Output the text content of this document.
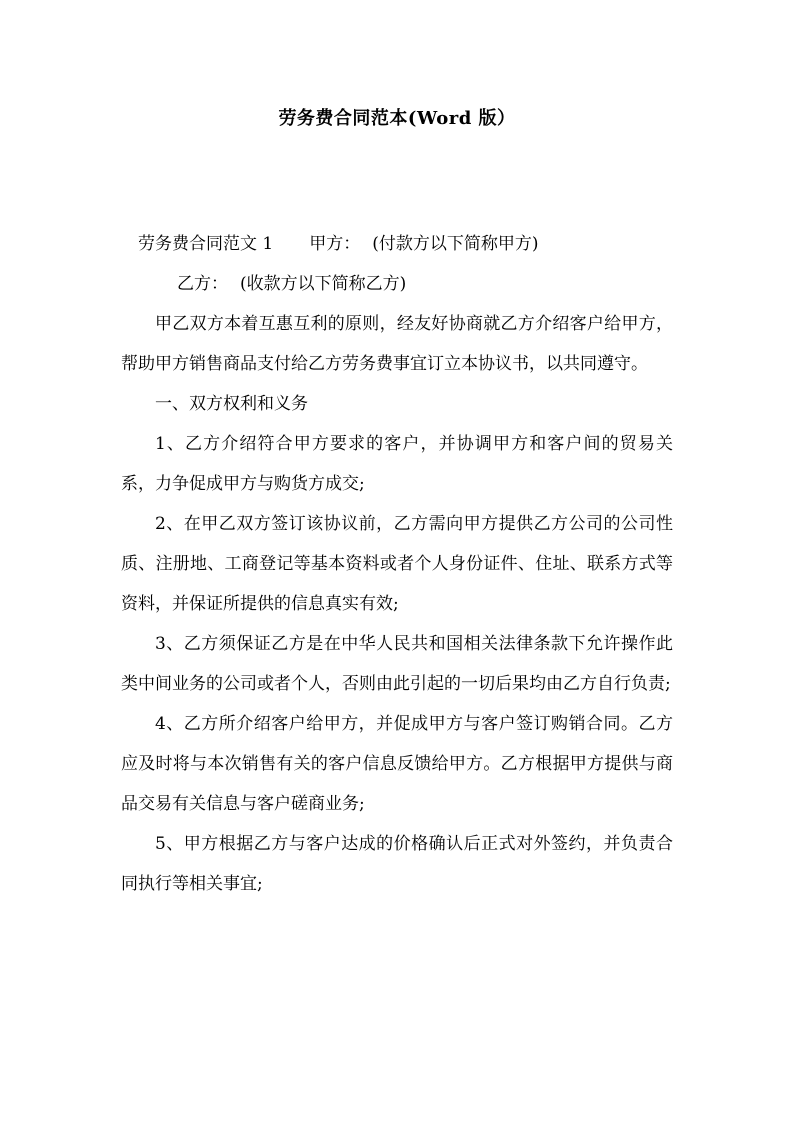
劳务费合同范本(Word 版）
劳务费合同范文 1 甲方： (付款方以下简称甲方)

乙方： (收款方以下简称乙方)

甲乙双方本着互惠互利的原则，经友好协商就乙方介绍客户给甲方，帮助甲方销售商品支付给乙方劳务费事宜订立本协议书，以共同遵守。

一、双方权利和义务

1、乙方介绍符合甲方要求的客户，并协调甲方和客户间的贸易关系，力争促成甲方与购货方成交;

2、在甲乙双方签订该协议前，乙方需向甲方提供乙方公司的公司性质、注册地、工商登记等基本资料或者个人身份证件、住址、联系方式等资料，并保证所提供的信息真实有效;

3、乙方须保证乙方是在中华人民共和国相关法律条款下允许操作此类中间业务的公司或者个人，否则由此引起的一切后果均由乙方自行负责;

4、乙方所介绍客户给甲方，并促成甲方与客户签订购销合同。乙方应及时将与本次销售有关的客户信息反馈给甲方。乙方根据甲方提供与商品交易有关信息与客户磋商业务;

5、甲方根据乙方与客户达成的价格确认后正式对外签约，并负责合同执行等相关事宜;
